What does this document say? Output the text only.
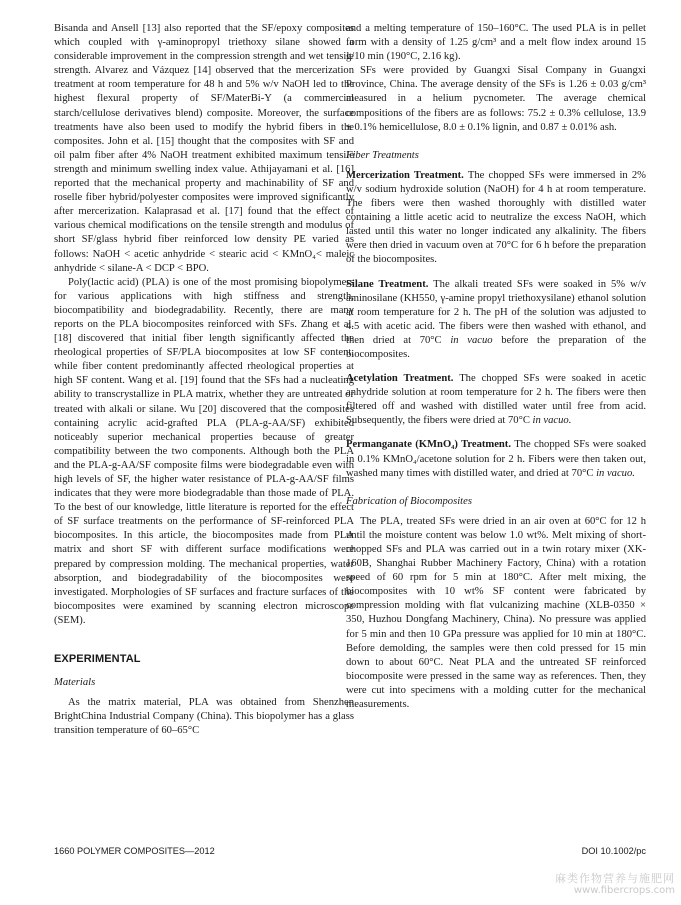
Bisanda and Ansell [13] also reported that the SF/epoxy composites which coupled with γ-aminopropyl triethoxy silane showed a considerable improvement in the compression strength and wet tensile strength. Alvarez and Vázquez [14] observed that the mercerization treatment at room temperature for 48 h and 5% w/v NaOH led to the highest flexural property of SF/MaterBi-Y (a commercial starch/cellulose derivatives blend) composite. Moreover, the surface treatments have also been used to modify the hybrid fibers in the composites. John et al. [15] thought that the composites with SF and oil palm fiber after 4% NaOH treatment exhibited maximum tensile strength and minimum swelling index value. Athijayamani et al. [16] reported that the mechanical property and machinability of SF and roselle fiber hybrid/polyester composites were improved significantly after mercerization. Kalaprasad et al. [17] found that the effect of various chemical modifications on the tensile strength and modulus of short SF/glass hybrid fiber reinforced low density PE varied as follows: NaOH < acetic anhydride < stearic acid < KMnO₄< maleic anhydride < silane-A < DCP < BPO.

Poly(lactic acid) (PLA) is one of the most promising biopolymers for various applications with high stiffness and strength, biocompatibility and biodegradability. Recently, there are many reports on the PLA biocomposites reinforced with SFs. Zhang et al. [18] discovered that initial fiber length significantly affected the rheological properties of SF/PLA biocomposites at low SF content, while fiber content predominantly affected rheological properties at high SF content. Wang et al. [19] found that the SFs had a nucleating ability to transcrystallize in PLA matrix, whether they are untreated or treated with alkali or silane. Wu [20] discovered that the composites containing acrylic acid-grafted PLA (PLA-g-AA/SF) exhibited noticeably superior mechanical properties because of greater compatibility between the two components. Although both the PLA and the PLA-g-AA/SF composite films were biodegradable even with high levels of SF, the higher water resistance of PLA-g-AA/SF films indicates that they were more biodegradable than those made of PLA. To the best of our knowledge, little literature is reported for the effect of SF surface treatments on the performance of SF-reinforced PLA biocomposites. In this article, the biocomposites made from PLA matrix and short SF with different surface modifications were prepared by compression molding. The mechanical properties, water absorption, and biodegradability of the biocomposites were investigated. Morphologies of SF surfaces and fracture surfaces of the biocomposites were examined by scanning electron microscope (SEM).

EXPERIMENTAL
Materials

As the matrix material, PLA was obtained from Shenzhen BrightChina Industrial Company (China). This biopolymer has a glass transition temperature of 60–65°C

and a melting temperature of 150–160°C. The used PLA is in pellet form with a density of 1.25 g/cm³ and a melt flow index around 15 g/10 min (190°C, 2.16 kg).

SFs were provided by Guangxi Sisal Company in Guangxi Province, China. The average density of the SFs is 1.26 ± 0.03 g/cm³ measured in a helium pycnometer. The average chemical compositions of the fibers are as follows: 75.2 ± 0.3% cellulose, 13.9 ± 0.1% hemicellulose, 8.0 ± 0.1% lignin, and 0.87 ± 0.01% ash.

Fiber Treatments

Mercerization Treatment. The chopped SFs were immersed in 2% w/v sodium hydroxide solution (NaOH) for 4 h at room temperature. The fibers were then washed thoroughly with distilled water containing a little acetic acid to neutralize the excess NaOH, which lasted until this water no longer indicated any alkalinity. The fibers were then dried in vacuum oven at 70°C for 6 h before the preparation of the biocomposites.

Silane Treatment. The alkali treated SFs were soaked in 5% w/v aminosilane (KH550, γ-amine propyl triethoxysilane) ethanol solution at room temperature for 2 h. The pH of the solution was adjusted to 4.5 with acetic acid. The fibers were then washed with ethanol, and then dried at 70°C in vacuo before the preparation of the biocomposites.

Acetylation Treatment. The chopped SFs were soaked in acetic anhydride solution at room temperature for 2 h. The fibers were then filtered off and washed with distilled water until free from acid. Subsequently, the fibers were dried at 70°C in vacuo.

Permanganate (KMnO₄) Treatment. The chopped SFs were soaked in 0.1% KMnO₄/acetone solution for 2 h. Fibers were then taken out, washed many times with distilled water, and dried at 70°C in vacuo.

Fabrication of Biocomposites

The PLA, treated SFs were dried in an air oven at 60°C for 12 h until the moisture content was below 1.0 wt%. Melt mixing of short-chopped SFs and PLA was carried out in a twin rotary mixer (XK-160B, Shanghai Rubber Machinery Factory, China) with a rotation speed of 60 rpm for 5 min at 180°C. After melt mixing, the biocomposites with 10 wt% SF content were fabricated by compression molding with flat vulcanizing machine (XLB-0350 × 350, Huzhou Dongfang Machinery, China). No pressure was applied for 5 min and then 10 GPa pressure was applied for 10 min at 180°C. Before demolding, the samples were then cold pressed for 15 min down to about 60°C. Neat PLA and the untreated SF reinforced biocomposite were pressed in the same way as references. Then, they were cut into specimens with a molding cutter for the mechanical measurements.

1660 POLYMER COMPOSITES—2012	DOI 10.1002/pc
麻类作物营养与施肥网
www.fibercrops.com
